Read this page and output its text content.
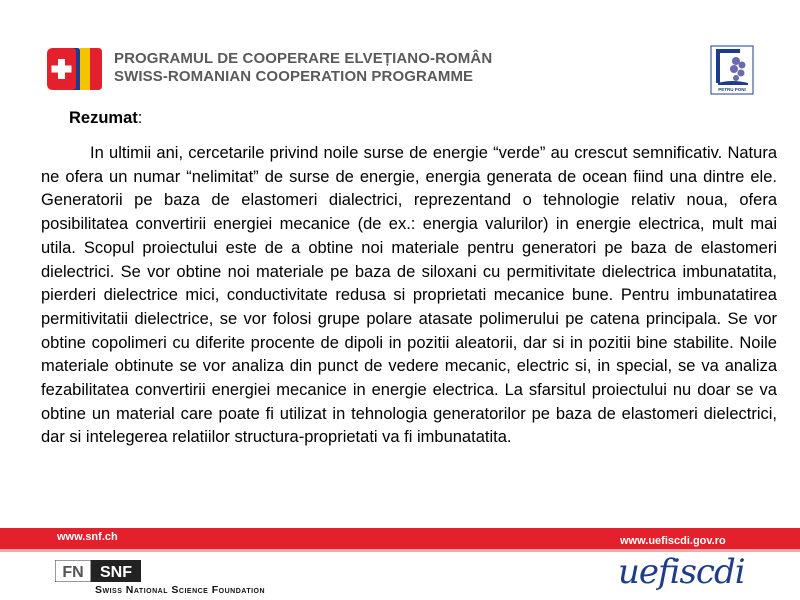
PROGRAMUL DE COOPERARE ELVEȚIANO-ROMÂN
SWISS-ROMANIAN COOPERATION PROGRAMME
PETRU PONI
Rezumat:

In ultimii ani, cercetarile privind noile surse de energie “verde” au crescut semnificativ. Natura ne ofera un numar “nelimitat” de surse de energie, energia generata de ocean fiind una dintre ele. Generatorii pe baza de elastomeri dialectrici, reprezentand o tehnologie relativ noua, ofera posibilitatea convertirii energiei mecanice (de ex.: energia valurilor) in energie electrica, mult mai utila. Scopul proiectului este de a obtine noi materiale pentru generatori pe baza de elastomeri dielectrici. Se vor obtine noi materiale pe baza de siloxani cu permitivitate dielectrica imbunatatita, pierderi dielectrice mici, conductivitate redusa si proprietati mecanice bune. Pentru imbunatatirea permitivitatii dielectrice, se vor folosi grupe polare atasate polimerului pe catena principala. Se vor obtine copolimeri cu diferite procente de dipoli in pozitii aleatorii, dar si in pozitii bine stabilite. Noile materiale obtinute se vor analiza din punct de vedere mecanic, electric si, in special, se va analiza fezabilitatea convertirii energiei mecanice in energie electrica. La sfarsitul proiectului nu doar se va obtine un material care poate fi utilizat in tehnologia generatorilor pe baza de elastomeri dielectrici, dar si intelegerea relatiilor structura-proprietati va fi imbunatatita.

www.snf.ch	www.uefiscdi.gov.ro
FN SNF
Swiss National Science Foundation	uefiscdi
